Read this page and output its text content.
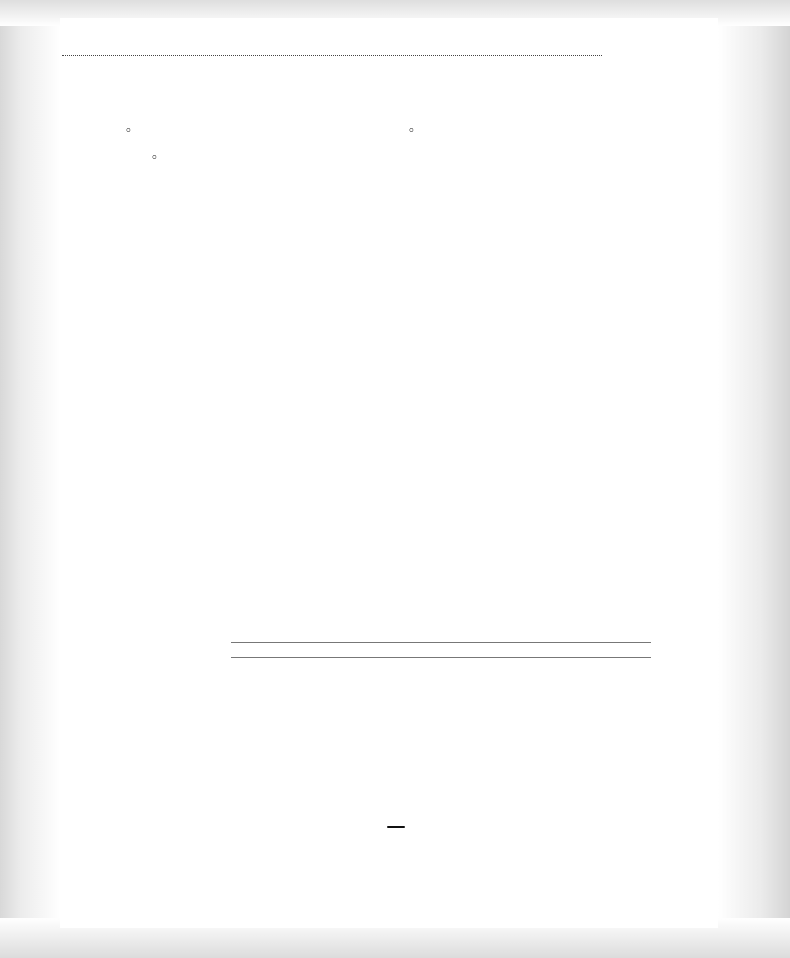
。

。

。
